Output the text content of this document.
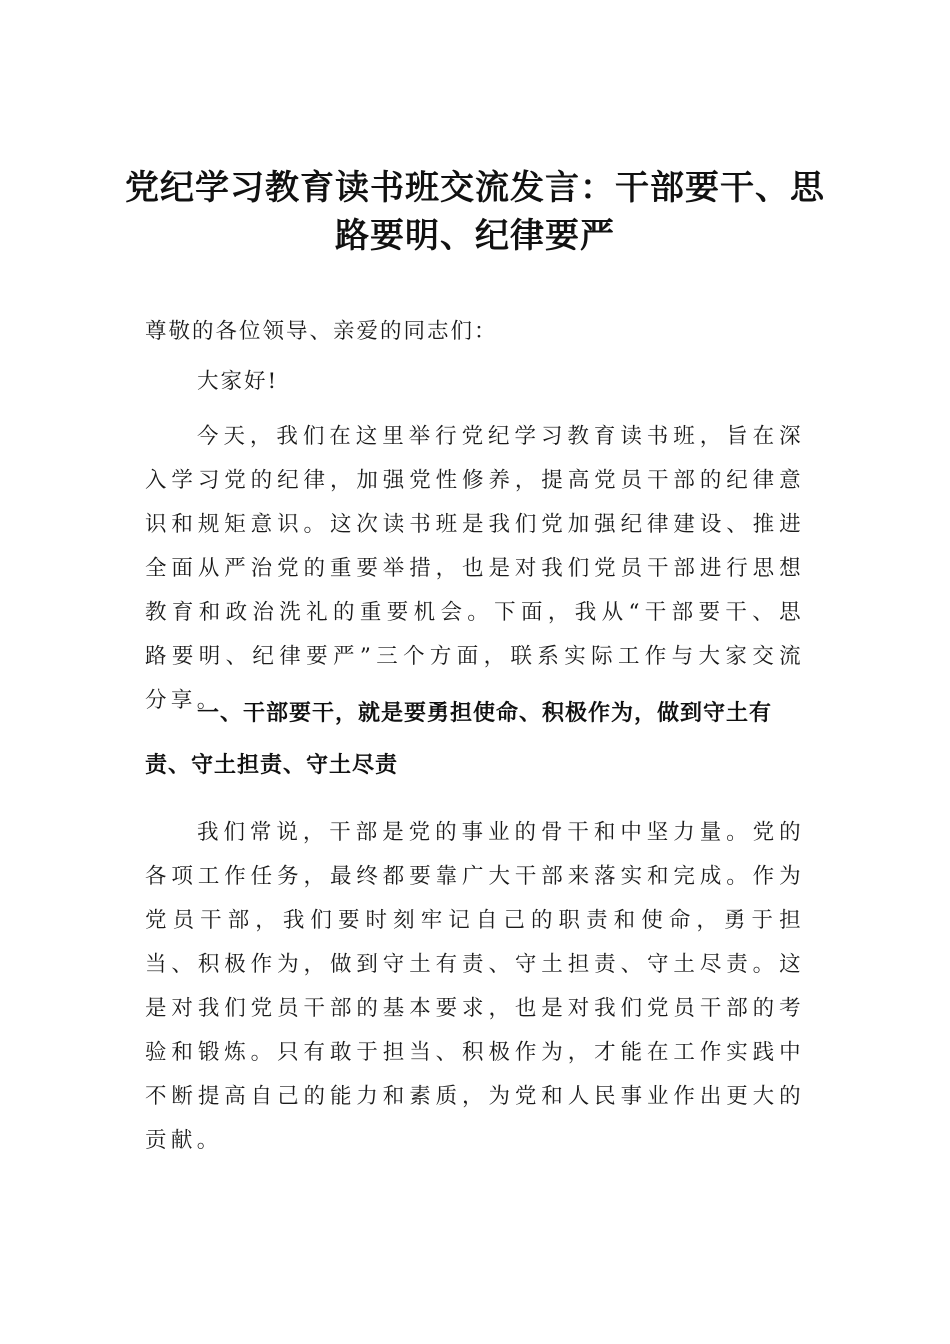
党纪学习教育读书班交流发言：干部要干、思路要明、纪律要严

尊敬的各位领导、亲爱的同志们：

大家好!

今天，我们在这里举行党纪学习教育读书班，旨在深入学习党的纪律，加强党性修养，提高党员干部的纪律意识和规矩意识。这次读书班是我们党加强纪律建设、推进全面从严治党的重要举措，也是对我们党员干部进行思想教育和政治洗礼的重要机会。下面，我从“干部要干、思路要明、纪律要严”三个方面，联系实际工作与大家交流分享。

一、干部要干，就是要勇担使命、积极作为，做到守土有责、守土担责、守土尽责

我们常说，干部是党的事业的骨干和中坚力量。党的各项工作任务，最终都要靠广大干部来落实和完成。作为党员干部，我们要时刻牢记自己的职责和使命，勇于担当、积极作为，做到守土有责、守土担责、守土尽责。这是对我们党员干部的基本要求，也是对我们党员干部的考验和锻炼。只有敢于担当、积极作为，才能在工作实践中不断提高自己的能力和素质，为党和人民事业作出更大的贡献。
